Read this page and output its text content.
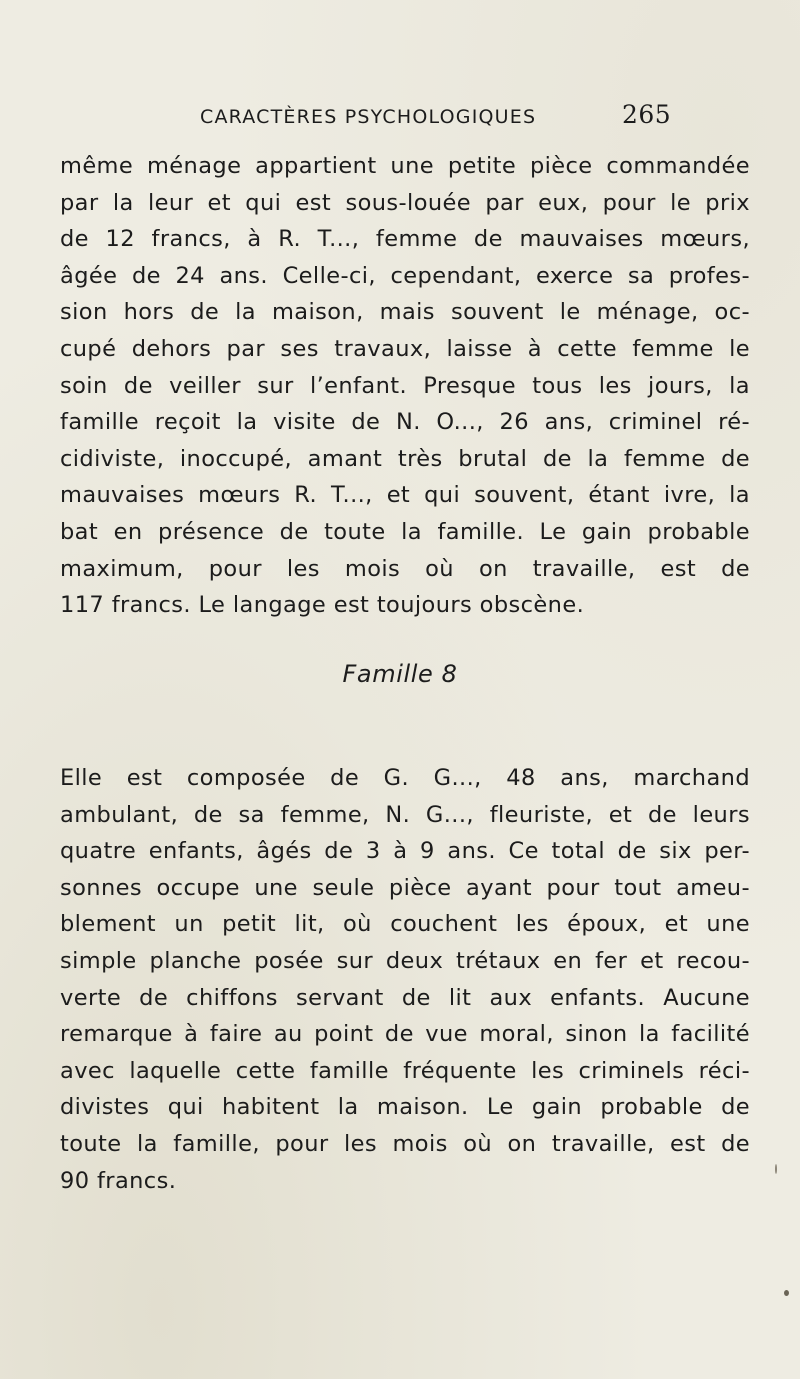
CARACTÈRES PSYCHOLOGIQUES	265

même ménage appartient une petite pièce commandée
par la leur et qui est sous-louée par eux, pour le prix
de 12 francs, à R. T..., femme de mauvaises mœurs,
âgée de 24 ans. Celle-ci, cependant, exerce sa profes-
sion hors de la maison, mais souvent le ménage, oc-
cupé dehors par ses travaux, laisse à cette femme le
soin de veiller sur l’enfant. Presque tous les jours, la
famille reçoit la visite de N. O..., 26 ans, criminel ré-
cidiviste, inoccupé, amant très brutal de la femme de
mauvaises mœurs R. T..., et qui souvent, étant ivre, la
bat en présence de toute la famille. Le gain probable
maximum, pour les mois où on travaille, est de
117 francs. Le langage est toujours obscène.

Famille 8

Elle est composée de G. G..., 48 ans, marchand
ambulant, de sa femme, N. G..., fleuriste, et de leurs
quatre enfants, âgés de 3 à 9 ans. Ce total de six per-
sonnes occupe une seule pièce ayant pour tout ameu-
blement un petit lit, où couchent les époux, et une
simple planche posée sur deux trétaux en fer et recou-
verte de chiffons servant de lit aux enfants. Aucune
remarque à faire au point de vue moral, sinon la facilité
avec laquelle cette famille fréquente les criminels réci-
divistes qui habitent la maison. Le gain probable de
toute la famille, pour les mois où on travaille, est de
90 francs.
